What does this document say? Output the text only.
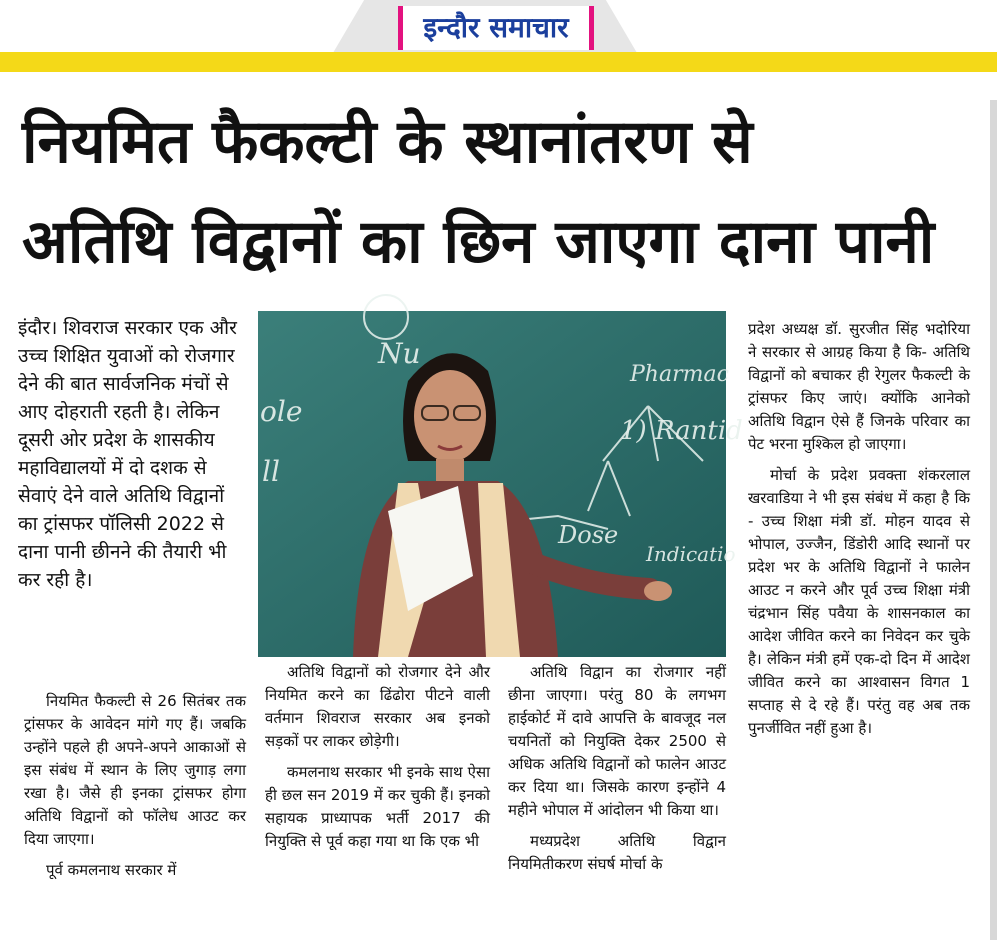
इन्दौर समाचार
नियमित फैकल्टी के स्थानांतरण से
अतिथि विद्वानों का छिन जाएगा दाना पानी

इंदौर। शिवराज सरकार एक और उच्च शिक्षित युवाओं को रोजगार देने की बात सार्वजनिक मंचों से आए दोहराती रहती है। लेकिन दूसरी ओर प्रदेश के शासकीय महाविद्यालयों में दो दशक से सेवाएं देने वाले अतिथि विद्वानों का ट्रांसफर पॉलिसी 2022 से दाना पानी छीनने की तैयारी भी कर रही है।

Nu
Pharmac
1) Rantid
Dose
Indicatio
ole
ll

नियमित फैकल्टी से 26 सितंबर तक ट्रांसफर के आवेदन मांगे गए हैं। जबकि उन्होंने पहले ही अपने-अपने आकाओं से इस संबंध में स्थान के लिए जुगाड़ लगा रखा है। जैसे ही इनका ट्रांसफर होगा अतिथि विद्वानों को फॉलेध आउट कर दिया जाएगा।

पूर्व कमलनाथ सरकार में

अतिथि विद्वानों को रोजगार देने और नियमित करने का ढिंढोरा पीटने वाली वर्तमान शिवराज सरकार अब इनको सड़कों पर लाकर छोड़ेगी।

कमलनाथ सरकार भी इनके साथ ऐसा ही छल सन 2019 में कर चुकी हैं। इनको सहायक प्राध्यापक भर्ती 2017 की नियुक्ति से पूर्व कहा गया था कि एक भी

अतिथि विद्वान का रोजगार नहीं छीना जाएगा। परंतु 80 के लगभग हाईकोर्ट में दावे आपत्ति के बावजूद नल चयनितों को नियुक्ति देकर 2500 से अधिक अतिथि विद्वानों को फालेन आउट कर दिया था। जिसके कारण इन्होंने 4 महीने भोपाल में आंदोलन भी किया था।

मध्यप्रदेश अतिथि विद्वान नियमितीकरण संघर्ष मोर्चा के

प्रदेश अध्यक्ष डॉ. सुरजीत सिंह भदोरिया ने सरकार से आग्रह किया है कि- अतिथि विद्वानों को बचाकर ही रेगुलर फैकल्टी के ट्रांसफर किए जाएं। क्योंकि आनेको अतिथि विद्वान ऐसे हैं जिनके परिवार का पेट भरना मुश्किल हो जाएगा।

मोर्चा के प्रदेश प्रवक्ता शंकरलाल खरवाडिया ने भी इस संबंध में कहा है कि - उच्च शिक्षा मंत्री डॉ. मोहन यादव से भोपाल, उज्जैन, डिंडोरी आदि स्थानों पर प्रदेश भर के अतिथि विद्वानों ने फालेन आउट न करने और पूर्व उच्च शिक्षा मंत्री चंद्रभान सिंह पवैया के शासनकाल का आदेश जीवित करने का निवेदन कर चुके है। लेकिन मंत्री हमें एक-दो दिन में आदेश जीवित करने का आश्वासन विगत 1 सप्ताह से दे रहे हैं। परंतु वह अब तक पुनर्जीवित नहीं हुआ है।
